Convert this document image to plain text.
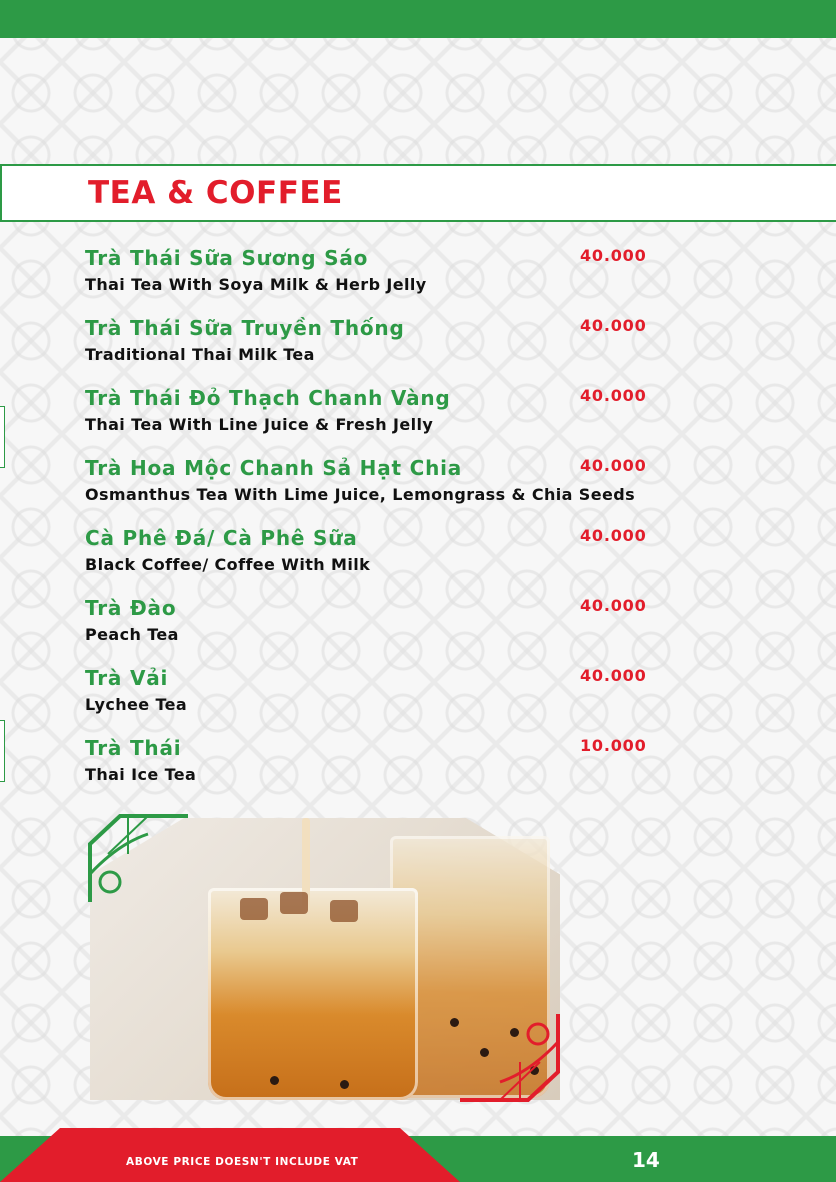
TEA & COFFEE
Trà Thái Sữa Sương Sáo
Thai Tea With Soya Milk & Herb Jelly
40.000
Trà Thái Sữa Truyền Thống
Traditional Thai Milk Tea
40.000
Trà Thái Đỏ Thạch Chanh Vàng
Thai Tea With Line Juice & Fresh Jelly
40.000
Trà Hoa Mộc Chanh Sả Hạt Chia
Osmanthus Tea With Lime Juice, Lemongrass & Chia Seeds
40.000
Cà Phê Đá/ Cà Phê Sữa
Black Coffee/ Coffee With Milk
40.000
Trà Đào
Peach Tea
40.000
Trà Vải
Lychee Tea
40.000
Trà Thái
Thai Ice Tea
10.000
ABOVE PRICE DOESN'T INCLUDE VAT	14
